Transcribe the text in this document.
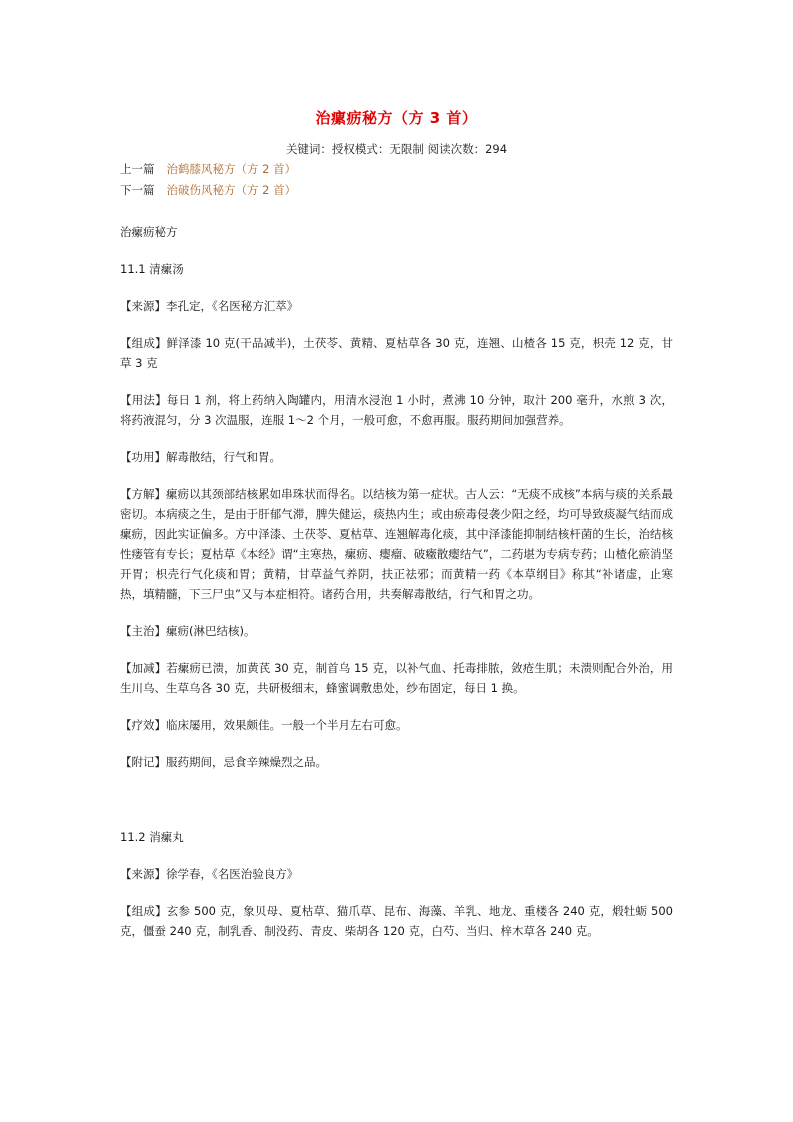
治瘰疬秘方（方 3 首）
关键词：授权模式：无限制 阅读次数：294
上一篇 治鹤膝风秘方（方 2 首）
下一篇 治破伤风秘方（方 2 首）

治瘰疬秘方

11.1 清瘰汤

【来源】李孔定，《名医秘方汇萃》

【组成】鲜泽漆 10 克(干品减半)，土茯苓、黄精、夏枯草各 30 克，连翘、山楂各 15 克，枳壳 12 克，甘草 3 克

【用法】每日 1 剂，将上药纳入陶罐内，用清水浸泡 1 小时，煮沸 10 分钟，取汁 200 毫升，水煎 3 次，将药液混匀，分 3 次温服，连服 1～2 个月，一般可愈，不愈再服。服药期间加强营养。

【功用】解毒散结，行气和胃。

【方解】瘰疬以其颈部结核累如串珠状而得名。以结核为第一症状。古人云：“无痰不成核”本病与痰的关系最密切。本病痰之生，是由于肝郁气滞，脾失健运，痰热内生；或由瘀毒侵袭少阳之经，均可导致痰凝气结而成瘰疬，因此实证偏多。方中泽漆、土茯苓、夏枯草、连翘解毒化痰，其中泽漆能抑制结核杆菌的生长，治结核性瘘管有专长；夏枯草《本经》谓“主寒热，瘰疬、瘿瘤、破癥散瘿结气”，二药堪为专病专药；山楂化瘀消坚开胃；枳壳行气化痰和胃；黄精，甘草益气养阴，扶正祛邪；而黄精一药《本草纲目》称其“补诸虚，止寒热，填精髓，下三尸虫”又与本症相符。诸药合用，共奏解毒散结，行气和胃之功。

【主治】瘰疬(淋巴结核)。

【加减】若瘰疬已溃，加黄芪 30 克，制首乌 15 克，以补气血、托毒排脓，敛疮生肌；未溃则配合外治，用生川乌、生草乌各 30 克，共研极细末，蜂蜜调敷患处，纱布固定，每日 1 换。

【疗效】临床屡用，效果颇佳。一般一个半月左右可愈。

【附记】服药期间，忌食辛辣燥烈之品。

11.2 消瘰丸

【来源】徐学春，《名医治验良方》

【组成】玄参 500 克，象贝母、夏枯草、猫爪草、昆布、海藻、羊乳、地龙、重楼各 240 克，煅牡蛎 500 克，僵蚕 240 克，制乳香、制没药、青皮、柴胡各 120 克，白芍、当归、梓木草各 240 克。
